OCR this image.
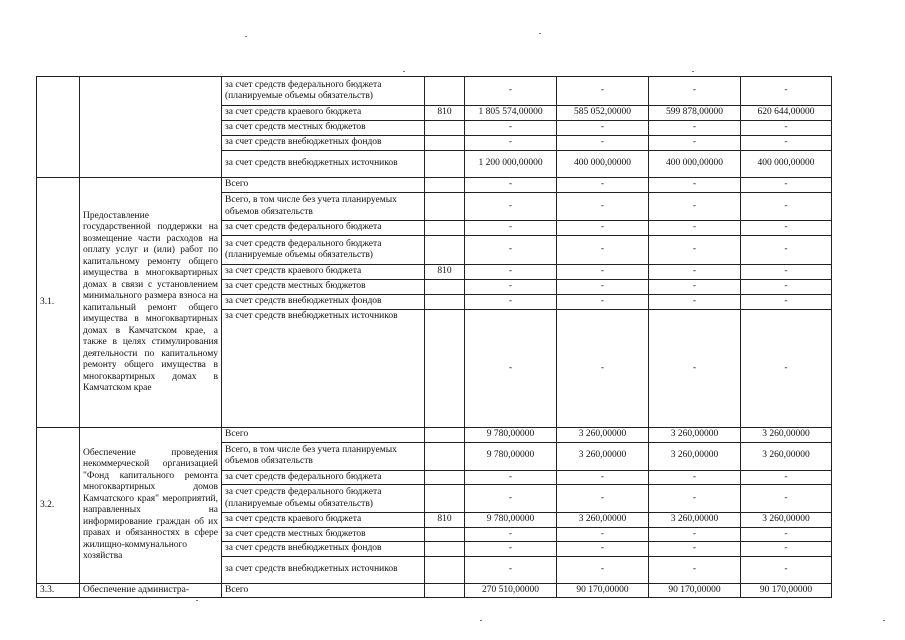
		за счет средств федерального бюджета (планируемые объемы обязательств)		-	-	-	-
		за счет средств краевого бюджета	810	1 805 574,00000	585 052,00000	599 878,00000	620 644,00000
		за счет средств местных бюджетов		-	-	-	-
		за счет средств внебюджетных фондов		-	-	-	-
		за счет средств внебюджетных источников		1 200 000,00000	400 000,00000	400 000,00000	400 000,00000
3.1.	Предоставление государственной поддержки на возмещение части расходов на оплату услуг и (или) работ по капитальному ремонту общего имущества в многоквартирных домах в связи с установлением минимального размера взноса на капитальный ремонт общего имущества в многоквартирных домах в Камчатском крае, а также в целях стимулирования деятельности по капитальному ремонту общего имущества в многоквартирных домах в Камчатском крае	Всего		-	-	-	-
		Всего, в том числе без учета планируемых объемов обязательств		-	-	-	-
		за счет средств федерального бюджета		-	-	-	-
		за счет средств федерального бюджета (планируемые объемы обязательств)		-	-	-	-
		за счет средств краевого бюджета	810	-	-	-	-
		за счет средств местных бюджетов		-	-	-	-
		за счет средств внебюджетных фондов		-	-	-	-
		за счет средств внебюджетных источников		-	-	-	-
3.2.	Обеспечение проведения некоммерческой организацией "Фонд капитального ремонта многоквартирных домов Камчатского края" мероприятий, направленных на информирование граждан об их правах и обязанностях в сфере жилищно-коммунального хозяйства	Всего		9 780,00000	3 260,00000	3 260,00000	3 260,00000
		Всего, в том числе без учета планируемых объемов обязательств		9 780,00000	3 260,00000	3 260,00000	3 260,00000
		за счет средств федерального бюджета		-	-	-	-
		за счет средств федерального бюджета (планируемые объемы обязательств)		-	-	-	-
		за счет средств краевого бюджета	810	9 780,00000	3 260,00000	3 260,00000	3 260,00000
		за счет средств местных бюджетов		-	-	-	-
		за счет средств внебюджетных фондов		-	-	-	-
		за счет средств внебюджетных источников		-	-	-	-
3.3.	Обеспечение администра-	Всего		270 510,00000	90 170,00000	90 170,00000	90 170,00000
